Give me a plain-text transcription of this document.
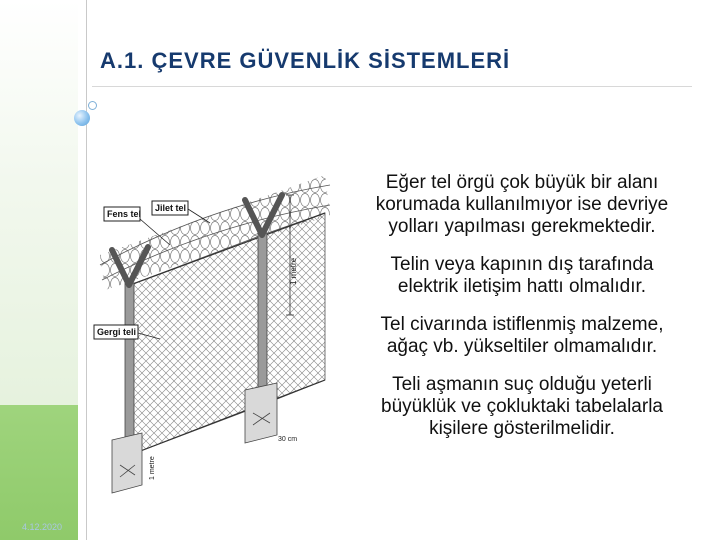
A.1. ÇEVRE GÜVENLİK SİSTEMLERİ
1 metre
1 metre
30 cm
Fens tel
Jilet tel
Gergi teli

Eğer tel örgü çok büyük bir alanı
korumada kullanılmıyor ise devriye
yolları yapılması gerekmektedir.

Telin veya kapının dış tarafında
elektrik iletişim hattı olmalıdır.

Tel civarında istiflenmiş malzeme,
ağaç vb. yükseltiler olmamalıdır.

Teli aşmanın suç olduğu yeterli
büyüklük ve çokluktaki tabelalarla
kişilere gösterilmelidir.

4.12.2020
